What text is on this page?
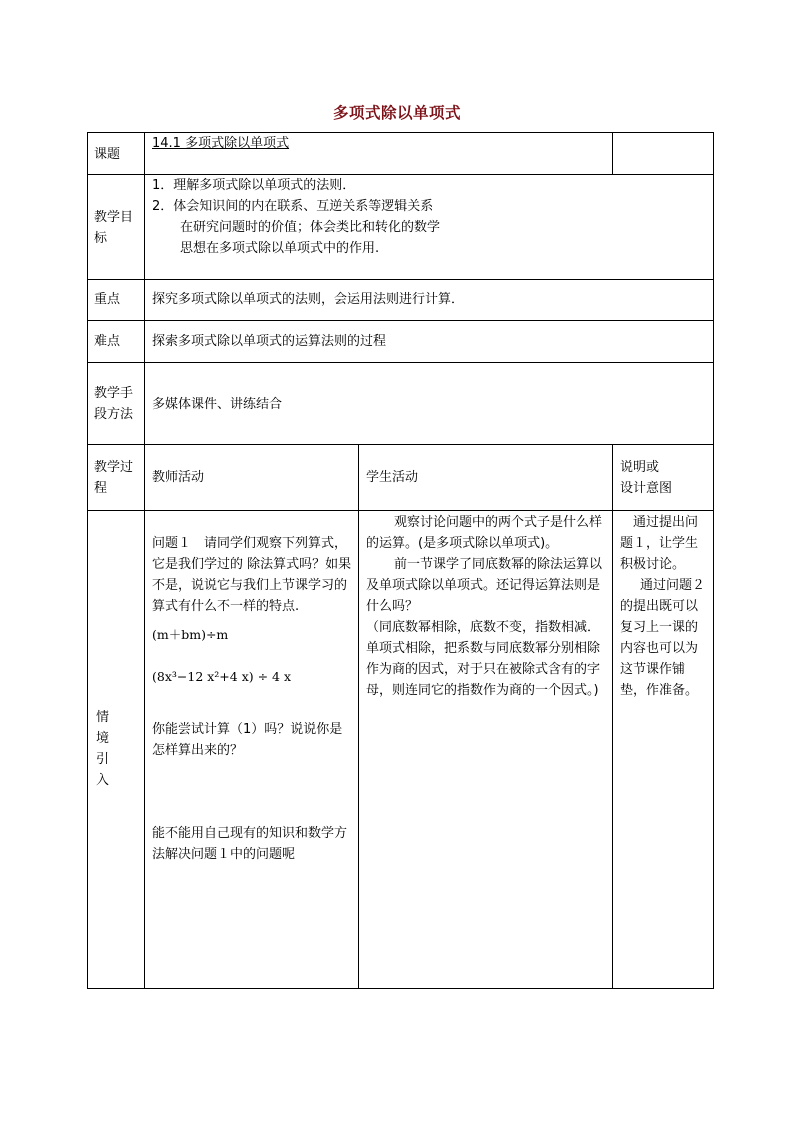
多项式除以单项式
课题
14.1 多项式除以单项式
教学目
标
1．理解多项式除以单项式的法则．
2．体会知识间的内在联系、互逆关系等逻辑关系
在研究问题时的价值；体会类比和转化的数学
思想在多项式除以单项式中的作用.
重点 探究多项式除以单项式的法则，会运用法则进行计算．
难点 探索多项式除以单项式的运算法则的过程
教学手
段方法
多媒体课件、讲练结合
教学过
程
教师活动	学生活动
说明或
设计意图
情
境
引
入
问题１　请同学们观察下列算式，它是我们学过的 除法算式吗？如果不是，说说它与我们上节课学习的算式有什么不一样的特点.
(m＋bm)÷m
(8x³−12 x²+4 x) ÷ 4 x
你能尝试计算（1）吗？说说你是怎样算出来的？
能不能用自己现有的知识和数学方法解决问题１中的问题呢
观察讨论问题中的两个式子是什么样的运算。(是多项式除以单项式)。
前一节课学了同底数幂的除法运算以及单项式除以单项式。还记得运算法则是什么吗？
（同底数幂相除，底数不变，指数相减．单项式相除，把系数与同底数幂分别相除作为商的因式，对于只在被除式含有的字母，则连同它的指数作为商的一个因式。)
通过提出问题１，让学生积极讨论。
通过问题２的提出既可以复习上一课的内容也可以为这节课作铺垫，作准备。
